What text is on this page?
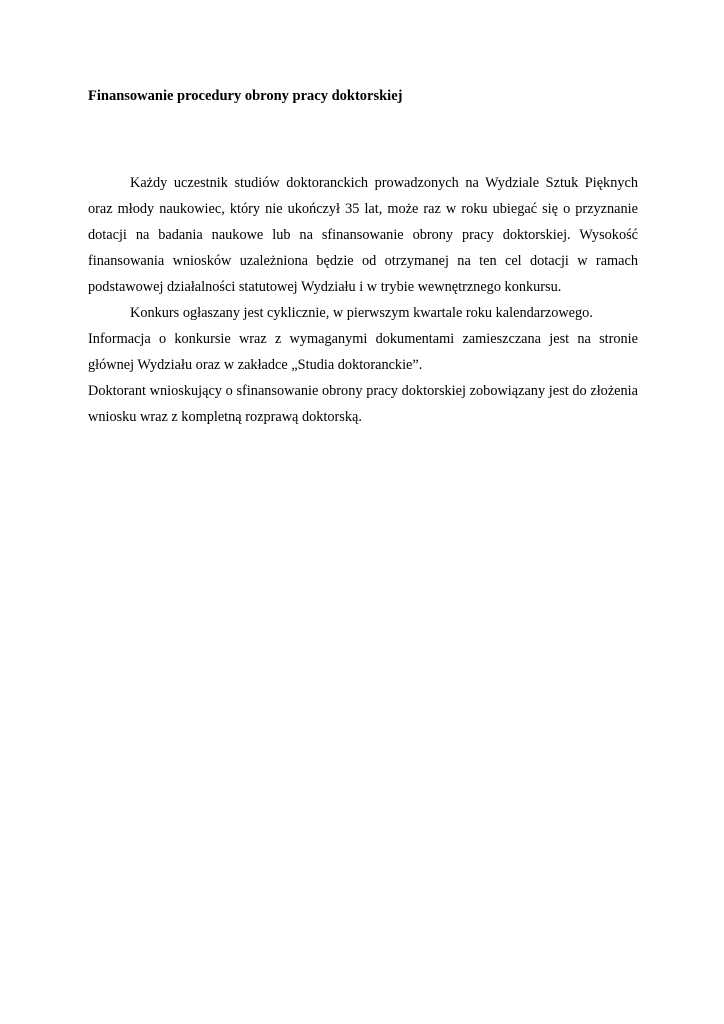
Finansowanie procedury obrony pracy doktorskiej

Każdy uczestnik studiów doktoranckich prowadzonych na Wydziale Sztuk Pięknych oraz młody naukowiec, który nie ukończył 35 lat, może raz w roku ubiegać się o przyznanie dotacji na badania naukowe lub na sfinansowanie obrony pracy doktorskiej. Wysokość finansowania wniosków uzależniona będzie od otrzymanej na ten cel dotacji w ramach podstawowej działalności statutowej Wydziału i w trybie wewnętrznego konkursu.

Konkurs ogłaszany jest cyklicznie, w pierwszym kwartale roku kalendarzowego.

Informacja o konkursie wraz z wymaganymi dokumentami zamieszczana jest na stronie głównej Wydziału oraz w zakładce „Studia doktoranckie”.

Doktorant wnioskujący o sfinansowanie obrony pracy doktorskiej zobowiązany jest do złożenia wniosku wraz z kompletną rozprawą doktorską.
